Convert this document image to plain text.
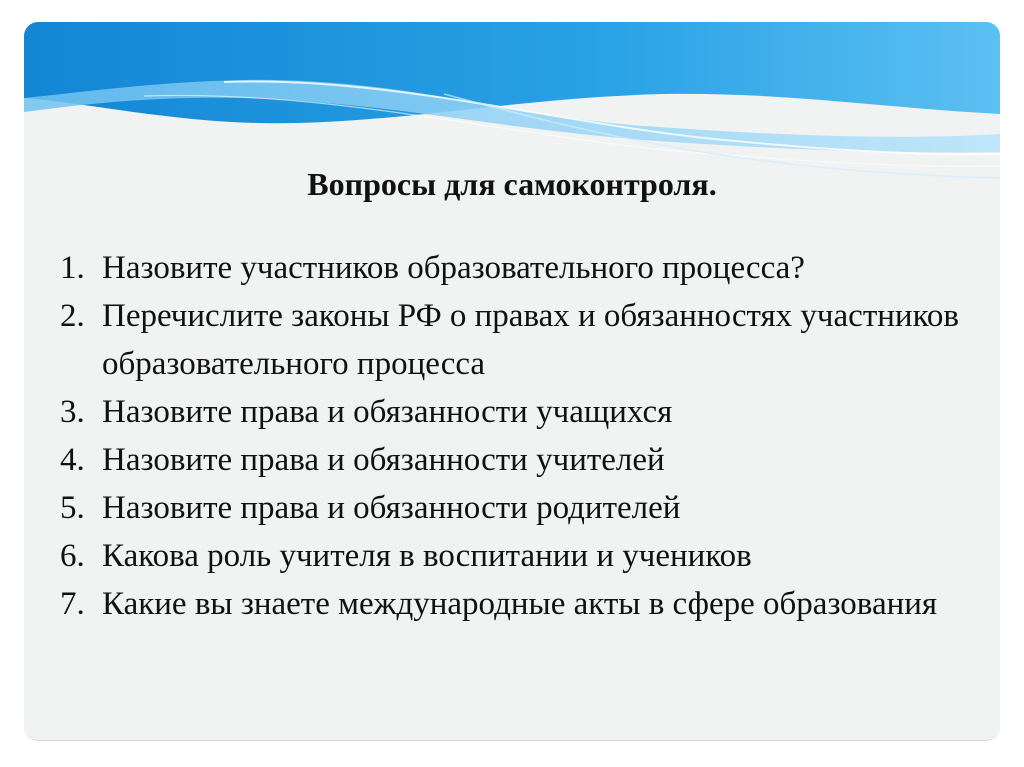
Вопросы для самоконтроля.
1. Назовите участников образовательного процесса?
2. Перечислите законы РФ о правах и обязанностях участников образовательного процесса
3. Назовите права и обязанности учащихся
4. Назовите права и обязанности учителей
5. Назовите права и обязанности родителей
6. Какова роль учителя в воспитании и учеников
7. Какие вы знаете международные акты в сфере образования
